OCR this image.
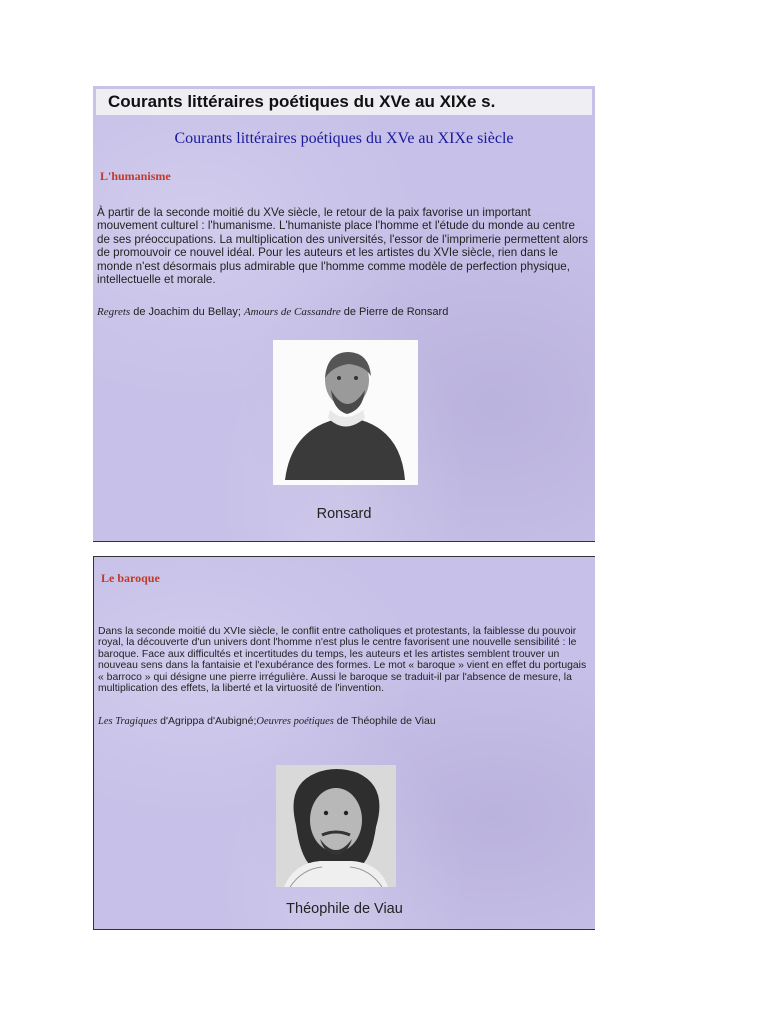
Courants littéraires poétiques du XVe au XIXe s.
Courants littéraires poétiques du XVe au XIXe siècle
L'humanisme
À partir de la seconde moitié du XVe siècle, le retour de la paix favorise un important mouvement culturel : l'humanisme. L'humaniste place l'homme et l'étude du monde au centre de ses préoccupations. La multiplication des universités, l'essor de l'imprimerie permettent alors de promouvoir ce nouvel idéal. Pour les auteurs et les artistes du XVIe siècle, rien dans le monde n'est désormais plus admirable que l'homme comme modèle de perfection physique, intellectuelle et morale.
Regrets de Joachim du Bellay; Amours de Cassandre de Pierre de Ronsard
Ronsard
Le baroque
Dans la seconde moitié du XVIe siècle, le conflit entre catholiques et protestants, la faiblesse du pouvoir royal, la découverte d'un univers dont l'homme n'est plus le centre favorisent une nouvelle sensibilité : le baroque. Face aux difficultés et incertitudes du temps, les auteurs et les artistes semblent trouver un nouveau sens dans la fantaisie et l'exubérance des formes. Le mot « baroque » vient en effet du portugais « barroco » qui désigne une pierre irrégulière. Aussi le baroque se traduit-il par l'absence de mesure, la multiplication des effets, la liberté et la virtuosité de l'invention.
Les Tragiques d'Agrippa d'Aubigné;Oeuvres poétiques de Théophile de Viau
Théophile de Viau
